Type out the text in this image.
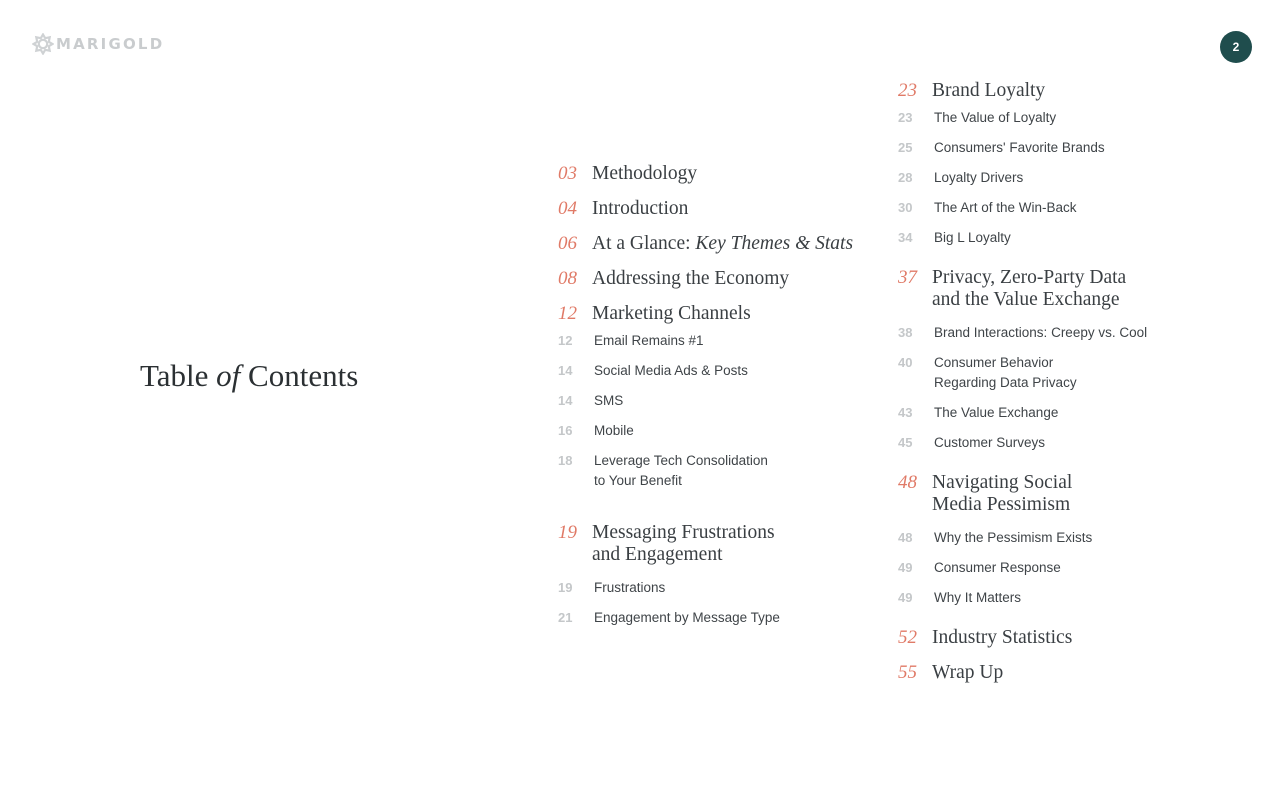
MARIGOLD	2
Table of Contents
03 Methodology
04 Introduction
06 At a Glance: Key Themes & Stats
08 Addressing the Economy
12 Marketing Channels
12	Email Remains #1
14	Social Media Ads & Posts
14	SMS
16	Mobile
18	Leverage Tech Consolidation
to Your Benefit
19 Messaging Frustrations
and Engagement
19	Frustrations
21	Engagement by Message Type
23 Brand Loyalty
23	The Value of Loyalty
25	Consumers' Favorite Brands
28	Loyalty Drivers
30	The Art of the Win-Back
34	Big L Loyalty
37 Privacy, Zero-Party Data
and the Value Exchange
38	Brand Interactions: Creepy vs. Cool
40	Consumer Behavior
Regarding Data Privacy
43	The Value Exchange
45	Customer Surveys
48 Navigating Social
Media Pessimism
48	Why the Pessimism Exists
49	Consumer Response
49	Why It Matters
52 Industry Statistics
55 Wrap Up
